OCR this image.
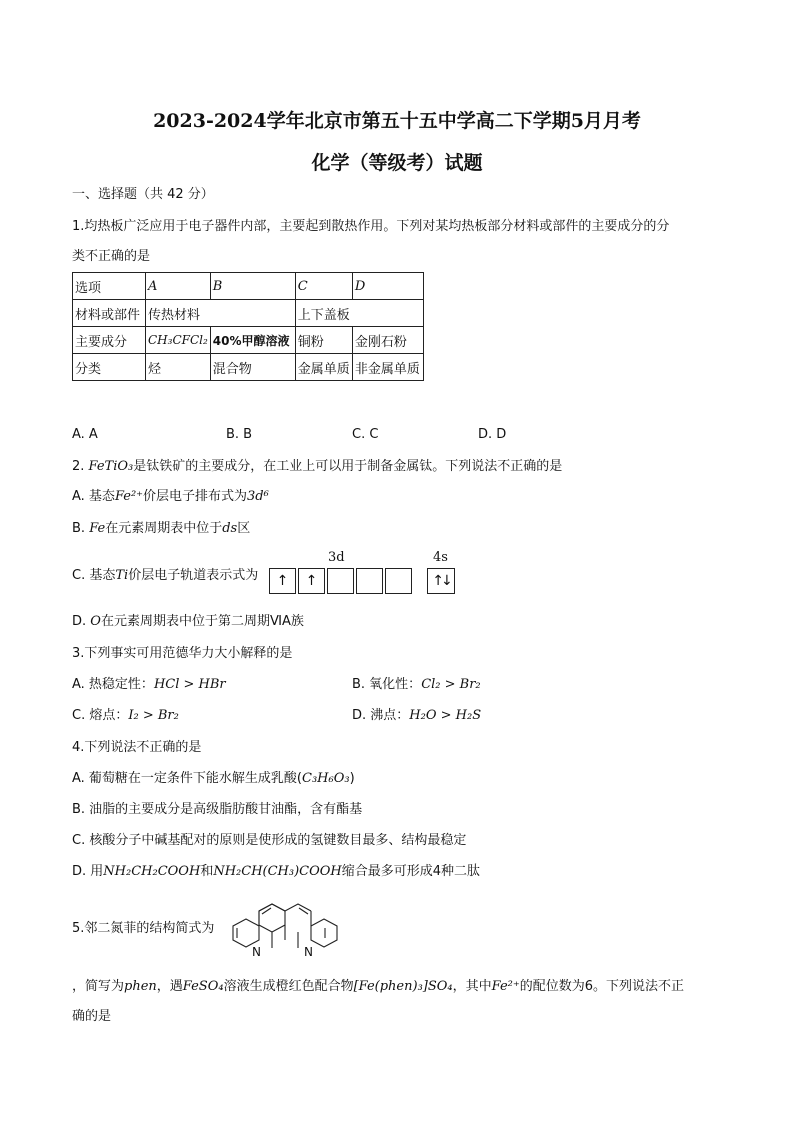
2023-2024学年北京市第五十五中学高二下学期5月月考
化学（等级考）试题
一、选择题（共 42 分）
1.均热板广泛应用于电子器件内部，主要起到散热作用。下列对某均热板部分材料或部件的主要成分的分
类不正确的是
选项	A	B	C	D
材料或部件	传热材料		上下盖板	
主要成分	CH₃CFCl₂	40%甲醇溶液	铜粉	金刚石粉
分类	烃	混合物	金属单质	非金属单质
A. A	B. B	C. C	D. D
2. FeTiO₃是钛铁矿的主要成分，在工业上可以用于制备金属钛。下列说法不正确的是
A. 基态Fe²⁺价层电子排布式为3d⁶
B. Fe在元素周期表中位于ds区
C. 基态Ti价层电子轨道表示式为
3d	4s
↑	↑	↑↓
D. O在元素周期表中位于第二周期ⅥA族
3.下列事实可用范德华力大小解释的是
A. 热稳定性：HCl > HBr	B. 氧化性：Cl₂ > Br₂
C. 熔点：I₂ > Br₂	D. 沸点：H₂O > H₂S
4.下列说法不正确的是
A. 葡萄糖在一定条件下能水解生成乳酸(C₃H₆O₃)
B. 油脂的主要成分是高级脂肪酸甘油酯，含有酯基
C. 核酸分子中碱基配对的原则是使形成的氢键数目最多、结构最稳定
D. 用NH₂CH₂COOH和NH₂CH(CH₃)COOH缩合最多可形成4种二肽
5.邻二氮菲的结构简式为
N	N
，简写为phen，遇FeSO₄溶液生成橙红色配合物[Fe(phen)₃]SO₄，其中Fe²⁺的配位数为6。下列说法不正
确的是
